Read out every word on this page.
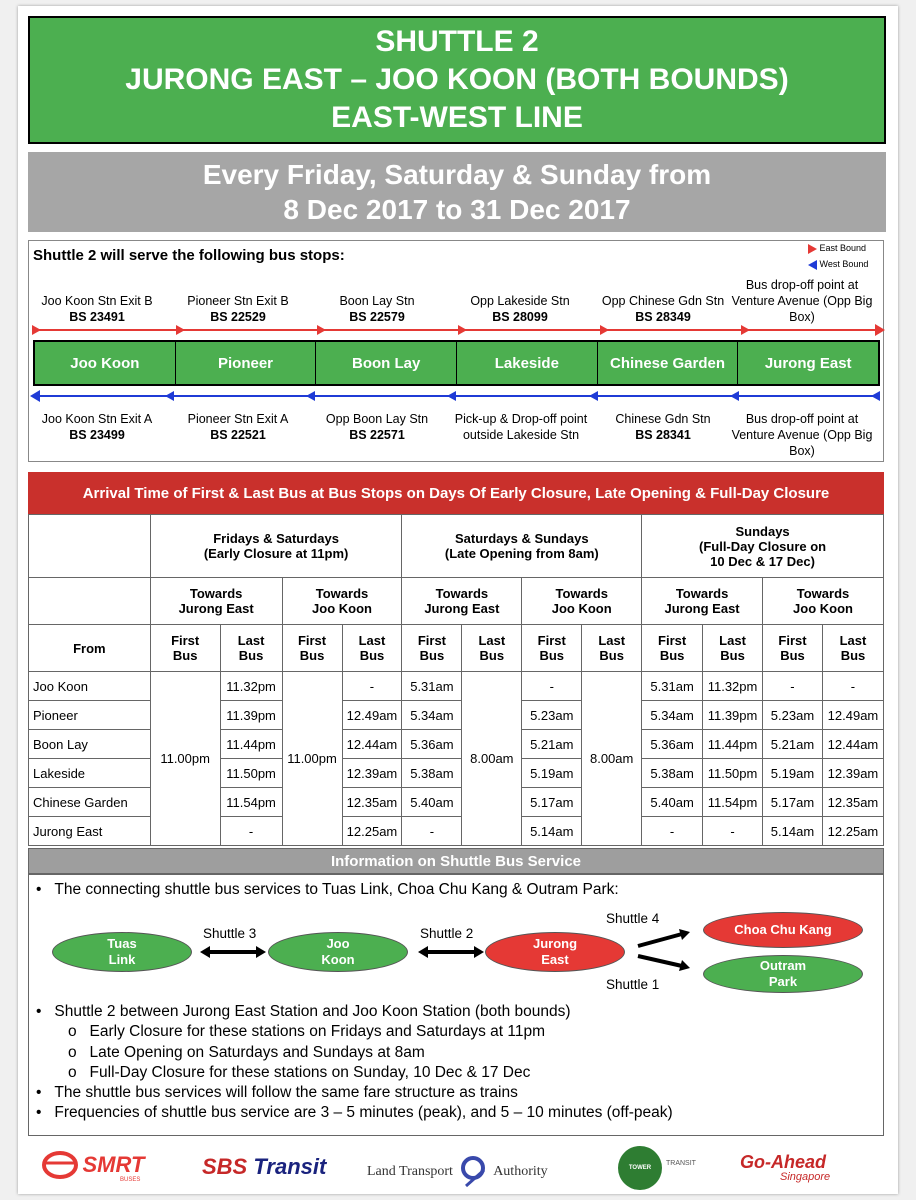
SHUTTLE 2
JURONG EAST – JOO KOON (BOTH BOUNDS)
EAST-WEST LINE
Every Friday, Saturday & Sunday from
8 Dec 2017 to 31 Dec 2017
Shuttle 2 will serve the following bus stops:	East Bound
West Bound
Joo Koon Stn Exit B
BS 23491
Pioneer Stn Exit B
BS 22529
Boon Lay Stn
BS 22579
Opp Lakeside Stn
BS 28099
Opp Chinese Gdn Stn
BS 28349
Bus drop-off point at Venture Avenue (Opp Big Box)
Joo Koon	Pioneer	Boon Lay	Lakeside	Chinese Garden	Jurong East
Joo Koon Stn Exit A
BS 23499
Pioneer Stn Exit A
BS 22521
Opp Boon Lay Stn
BS 22571
Pick-up & Drop-off point outside Lakeside Stn
Chinese Gdn Stn
BS 28341
Bus drop-off point at Venture Avenue (Opp Big Box)
Arrival Time of First & Last Bus at Bus Stops on Days Of Early Closure, Late Opening & Full-Day Closure
	Fridays & Saturdays
(Early Closure at 11pm)				Saturdays & Sundays
(Late Opening from 8am)				Sundays
(Full-Day Closure on
10 Dec & 17 Dec)			
	Towards
Jurong East		Towards
Joo Koon		Towards
Jurong East		Towards
Joo Koon		Towards
Jurong East		Towards
Joo Koon	
From	First
Bus	Last
Bus	First
Bus	Last
Bus	First
Bus	Last
Bus	First
Bus	Last
Bus	First
Bus	Last
Bus	First
Bus	Last
Bus
Joo Koon	11.00pm	11.32pm	11.00pm	-	5.31am	8.00am	-	8.00am	5.31am	11.32pm	-	-
Pioneer		11.39pm		12.49am	5.34am		5.23am		5.34am	11.39pm	5.23am	12.49am
Boon Lay		11.44pm		12.44am	5.36am		5.21am		5.36am	11.44pm	5.21am	12.44am
Lakeside		11.50pm		12.39am	5.38am		5.19am		5.38am	11.50pm	5.19am	12.39am
Chinese Garden		11.54pm		12.35am	5.40am		5.17am		5.40am	11.54pm	5.17am	12.35am
Jurong East		-		12.25am	-		5.14am		-	-	5.14am	12.25am
Information on Shuttle Bus Service
•   The connecting shuttle bus services to Tuas Link, Choa Chu Kang & Outram Park:
Tuas
Link
Joo
Koon
Jurong
East
Choa Chu Kang
Outram
Park
Shuttle 3	Shuttle 2
Shuttle 4
Shuttle 1
•   Shuttle 2 between Jurong East Station and Joo Koon Station (both bounds)
o   Early Closure for these stations on Fridays and Saturdays at 11pm
o   Late Opening on Saturdays and Sundays at 8am
o   Full-Day Closure for these stations on Sunday, 10 Dec & 17 Dec
•   The shuttle bus services will follow the same fare structure as trains
•   Frequencies of shuttle bus service are 3 – 5 minutes (peak), and 5 – 10 minutes (off-peak)
SMRT
BUSES
SBS Transit	Land Transport	Authority	TOWER
TRANSIT Go-Ahead
Singapore
